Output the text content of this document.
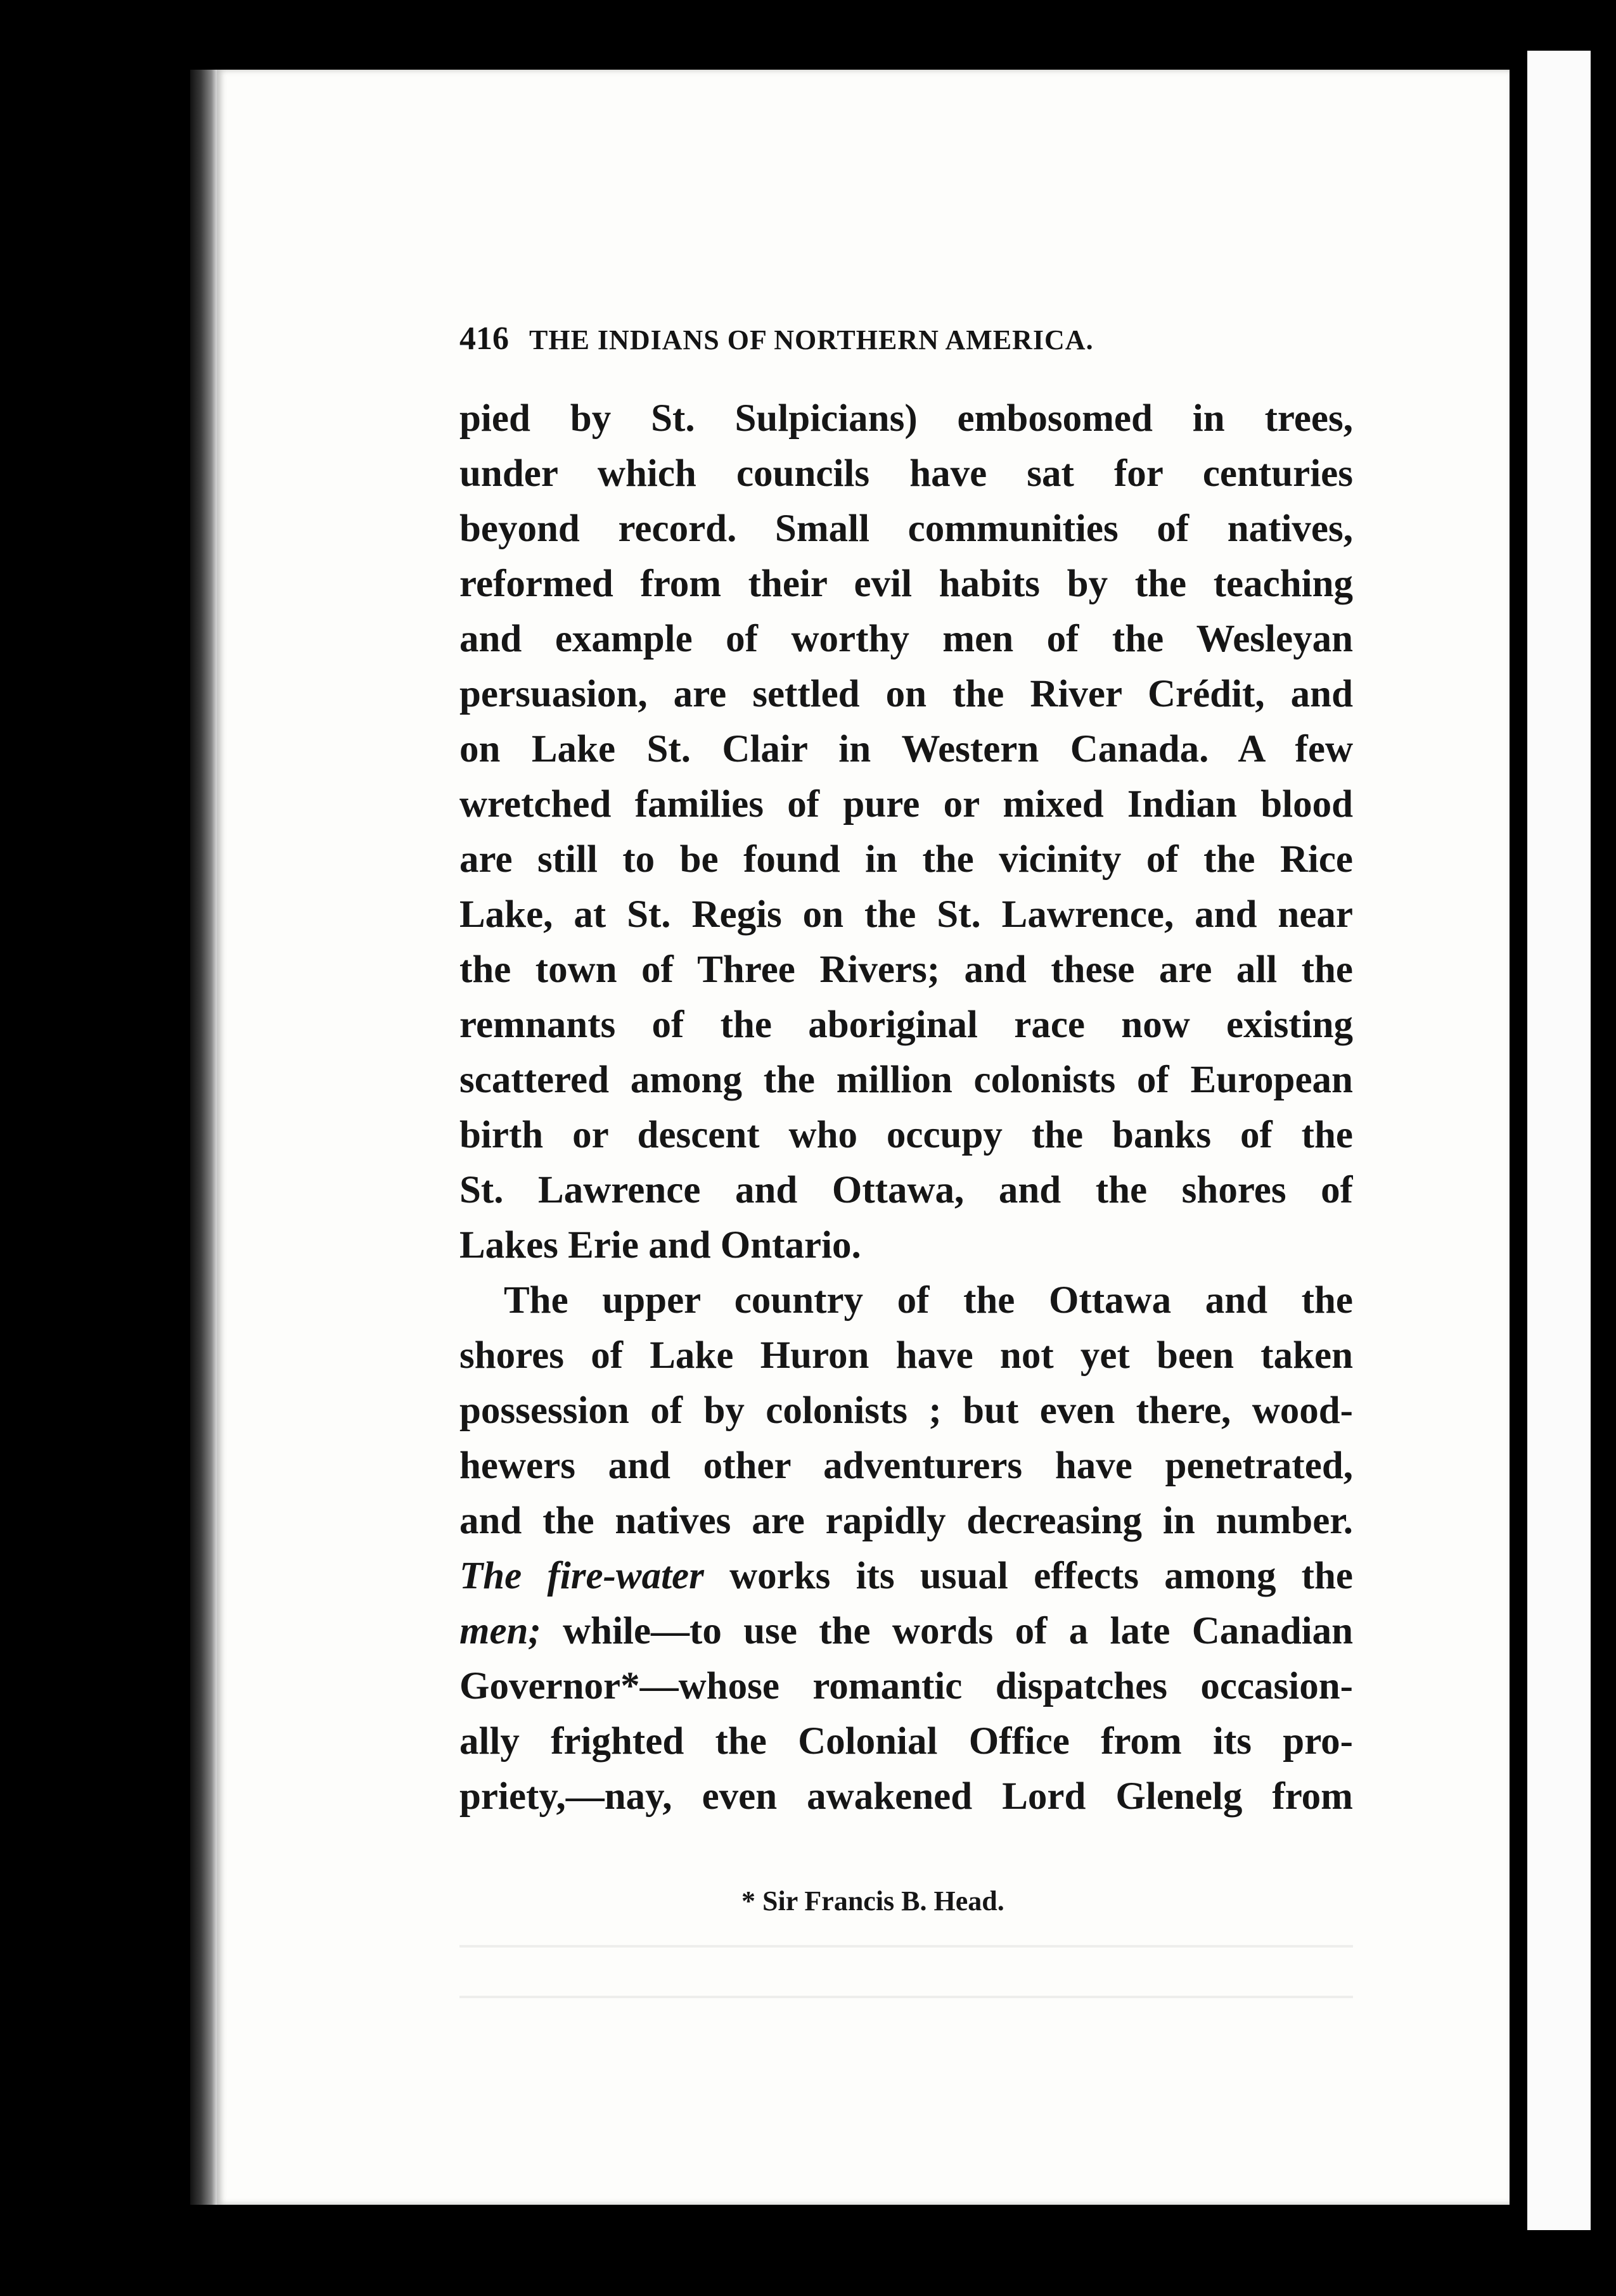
416 THE INDIANS OF NORTHERN AMERICA.
pied by St. Sulpicians) embosomed in trees,
under which councils have sat for centuries
beyond record. Small communities of natives,
reformed from their evil habits by the teaching
and example of worthy men of the Wesleyan
persuasion, are settled on the River Crédit, and
on Lake St. Clair in Western Canada. A few
wretched families of pure or mixed Indian blood
are still to be found in the vicinity of the Rice
Lake, at St. Regis on the St. Lawrence, and near
the town of Three Rivers; and these are all the
remnants of the aboriginal race now existing
scattered among the million colonists of European
birth or descent who occupy the banks of the
St. Lawrence and Ottawa, and the shores of
Lakes Erie and Ontario.
The upper country of the Ottawa and the
shores of Lake Huron have not yet been taken
possession of by colonists ; but even there, wood-
hewers and other adventurers have penetrated,
and the natives are rapidly decreasing in number.
The fire-water works its usual effects among the
men; while—to use the words of a late Canadian
Governor*—whose romantic dispatches occasion-
ally frighted the Colonial Office from its pro-
priety,—nay, even awakened Lord Glenelg from
* Sir Francis B. Head.
